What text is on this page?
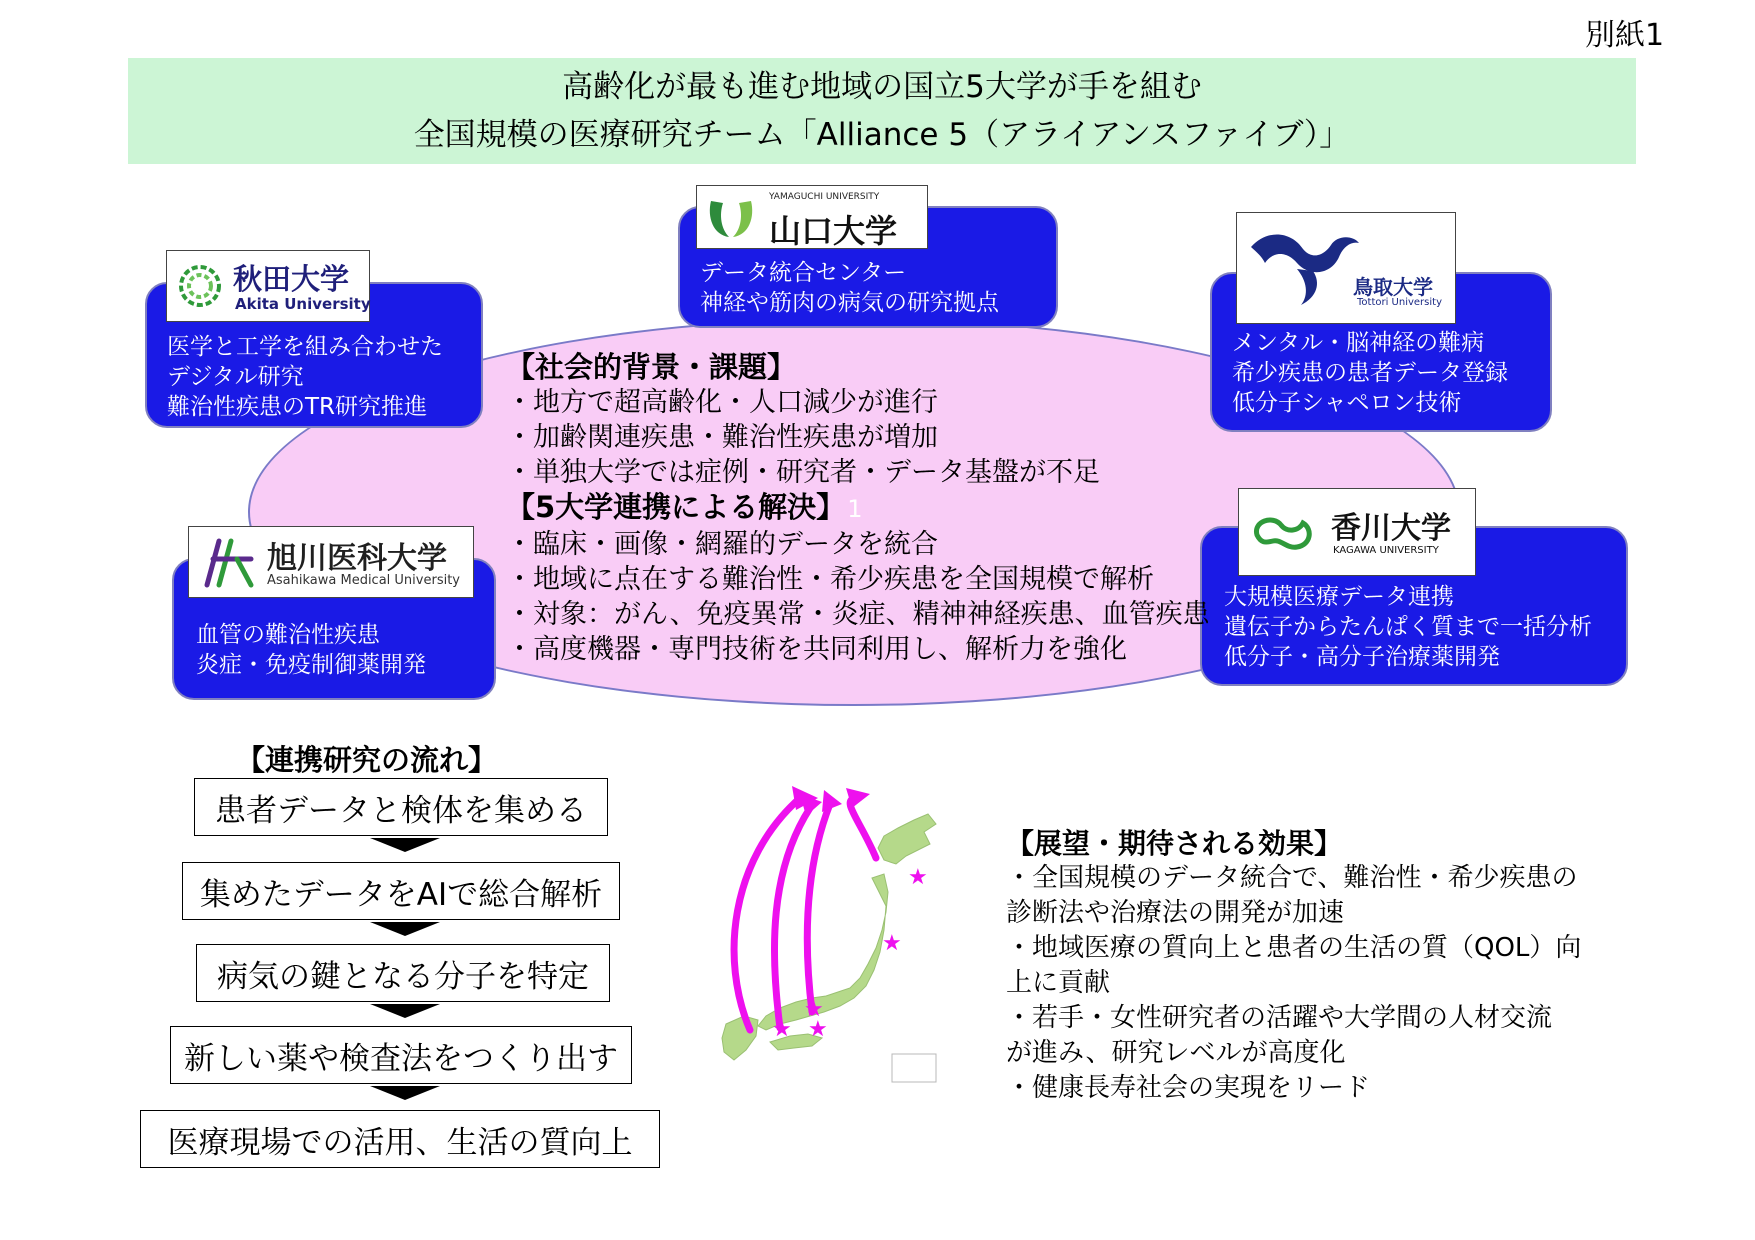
別紙1
高齢化が最も進む地域の国立5大学が手を組む
全国規模の医療研究チーム「Alliance 5（アライアンスファイブ）」
データ統合センター
神経や筋肉の病気の研究拠点
YAMAGUCHI UNIVERSITY
山口大学
医学と工学を組み合わせた
デジタル研究
難治性疾患のTR研究推進
秋田大学
Akita University
メンタル・脳神経の難病
希少疾患の患者データ登録
低分子シャペロン技術
鳥取大学
Tottori University
血管の難治性疾患
炎症・免疫制御薬開発
旭川医科大学
Asahikawa Medical University
大規模医療データ連携
遺伝子からたんぱく質まで一括分析
低分子・高分子治療薬開発
香川大学
KAGAWA UNIVERSITY
【社会的背景・課題】
・地方で超高齢化・人口減少が進行
・加齢関連疾患・難治性疾患が増加
・単独大学では症例・研究者・データ基盤が不足
【5大学連携による解決】1
・臨床・画像・網羅的データを統合
・地域に点在する難治性・希少疾患を全国規模で解析
・対象：がん、免疫異常・炎症、精神神経疾患、血管疾患
・高度機器・専門技術を共同利用し、解析力を強化
【連携研究の流れ】
患者データと検体を集める
集めたデータをAIで総合解析
病気の鍵となる分子を特定
新しい薬や検査法をつくり出す
医療現場での活用、生活の質向上
★
★
★
★ ★
【展望・期待される効果】
・全国規模のデータ統合で、難治性・希少疾患の
診断法や治療法の開発が加速
・地域医療の質向上と患者の生活の質（QOL）向
上に貢献
・若手・女性研究者の活躍や大学間の人材交流
が進み、研究レベルが高度化
・健康長寿社会の実現をリード
